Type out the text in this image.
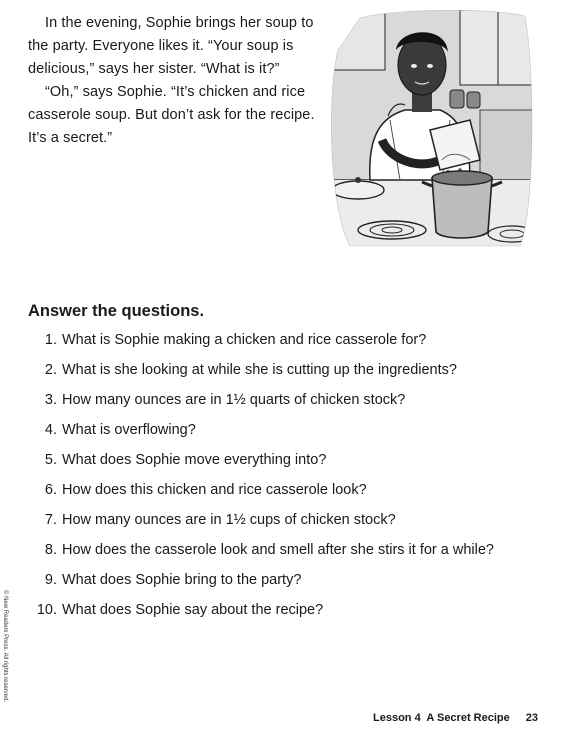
In the evening, Sophie brings her soup to the party. Everyone likes it. “Your soup is delicious,” says her sister. “What is it?”

“Oh,” says Sophie. “It’s chicken and rice casserole soup. But don’t ask for the recipe. It’s a secret.”

Answer the questions.
1. What is Sophie making a chicken and rice casserole for?
2. What is she looking at while she is cutting up the ingredients?
3. How many ounces are in 1½ quarts of chicken stock?
4. What is overflowing?
5. What does Sophie move everything into?
6. How does this chicken and rice casserole look?
7. How many ounces are in 1½ cups of chicken stock?
8. How does the casserole look and smell after she stirs it for a while?
9. What does Sophie bring to the party?
10. What does Sophie say about the recipe?
© New Readers Press. All rights reserved.
Lesson 4  A Secret Recipe 23
